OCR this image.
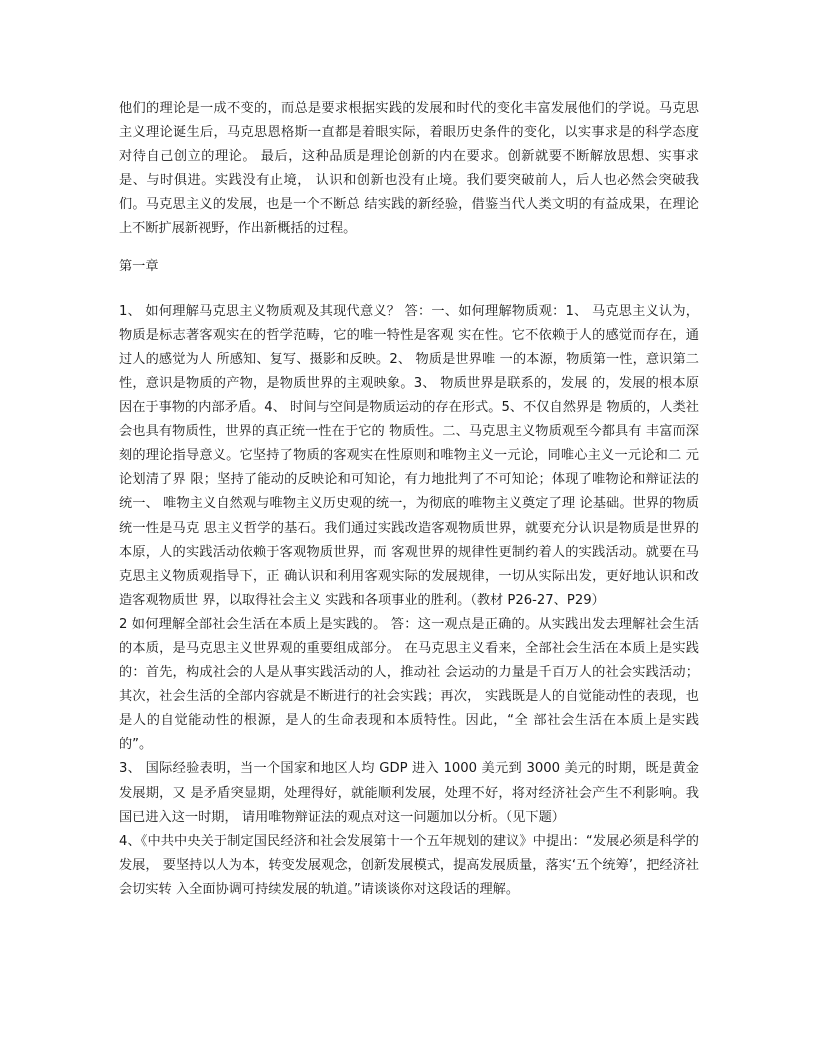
他们的理论是一成不变的，而总是要求根据实践的发展和时代的变化丰富发展他们的学说。马克思主义理论诞生后，马克思恩格斯一直都是着眼实际，着眼历史条件的变化，以实事求是的科学态度 对待自己创立的理论。 最后，这种品质是理论创新的内在要求。创新就要不断解放思想、实事求是、与时俱进。实践没有止境， 认识和创新也没有止境。我们要突破前人，后人也必然会突破我们。马克思主义的发展，也是一个不断总 结实践的新经验，借鉴当代人类文明的有益成果，在理论上不断扩展新视野，作出新概括的过程。

第一章

1、 如何理解马克思主义物质观及其现代意义？ 答：一、如何理解物质观：1、 马克思主义认为，物质是标志著客观实在的哲学范畴，它的唯一特性是客观 实在性。它不依赖于人的感觉而存在，通过人的感觉为人 所感知、复写、摄影和反映。2、 物质是世界唯 一的本源，物质第一性，意识第二性，意识是物质的产物，是物质世界的主观映象。3、 物质世界是联系的，发展 的，发展的根本原因在于事物的内部矛盾。4、 时间与空间是物质运动的存在形式。5、不仅自然界是 物质的，人类社会也具有物质性，世界的真正统一性在于它的 物质性。二、马克思主义物质观至今都具有 丰富而深刻的理论指导意义。它坚持了物质的客观实在性原则和唯物主义一元论，同唯心主义一元论和二 元论划清了界 限；坚持了能动的反映论和可知论，有力地批判了不可知论；体现了唯物论和辩证法的统一、 唯物主义自然观与唯物主义历史观的统一，为彻底的唯物主义奠定了理 论基础。世界的物质统一性是马克 思主义哲学的基石。我们通过实践改造客观物质世界，就要充分认识是物质是世界的本原，人的实践活动依赖于客观物质世界，而 客观世界的规律性更制约着人的实践活动。就要在马克思主义物质观指导下，正 确认识和利用客观实际的发展规律，一切从实际出发，更好地认识和改造客观物质世 界，以取得社会主义 实践和各项事业的胜利。（教材 P26-27、P29）

2 如何理解全部社会生活在本质上是实践的。 答：这一观点是正确的。从实践出发去理解社会生活的本质，是马克思主义世界观的重要组成部分。 在马克思主义看来，全部社会生活在本质上是实践的：首先，构成社会的人是从事实践活动的人，推动社 会运动的力量是千百万人的社会实践活动；其次，社会生活的全部内容就是不断进行的社会实践；再次， 实践既是人的自觉能动性的表现，也是人的自觉能动性的根源，是人的生命表现和本质特性。因此，“全 部社会生活在本质上是实践的”。

3、 国际经验表明，当一个国家和地区人均 GDP 进入 1000 美元到 3000 美元的时期，既是黄金发展期，又 是矛盾突显期，处理得好，就能顺利发展，处理不好，将对经济社会产生不利影响。我国已进入这一时期， 请用唯物辩证法的观点对这一问题加以分析。（见下题）

4、《中共中央关于制定国民经济和社会发展第十一个五年规划的建议》中提出：“发展必须是科学的发展， 要坚持以人为本，转变发展观念，创新发展模式，提高发展质量，落实‘五个统筹’，把经济社会切实转 入全面协调可持续发展的轨道。”请谈谈你对这段话的理解。
